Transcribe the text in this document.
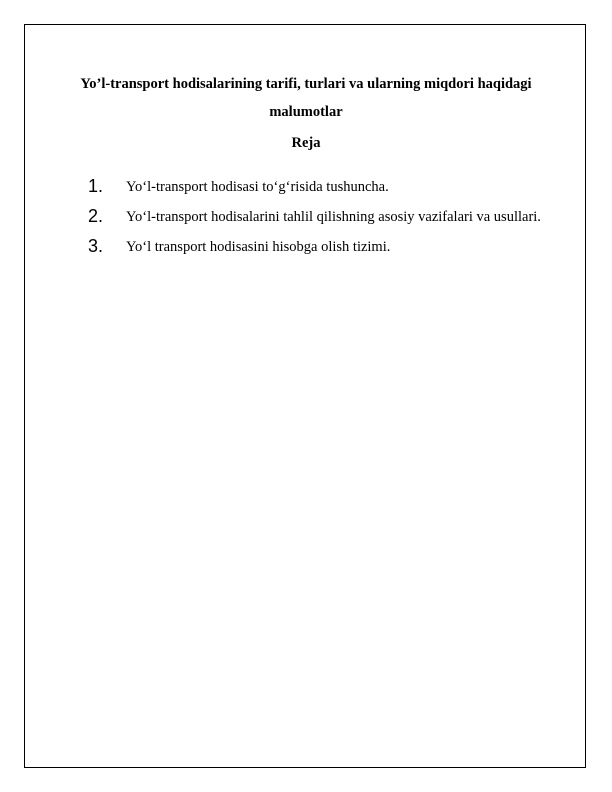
Yo’l-transport hodisalarining tarifi, turlari va ularning miqdori haqidagi malumotlar
Reja
1.	Yo‘l-transport hodisasi to‘g‘risida tushuncha.
2.	Yo‘l-transport hodisalarini tahlil qilishning asosiy vazifalari va usullari.
3.	Yo‘l transport hodisasini hisobga olish tizimi.
